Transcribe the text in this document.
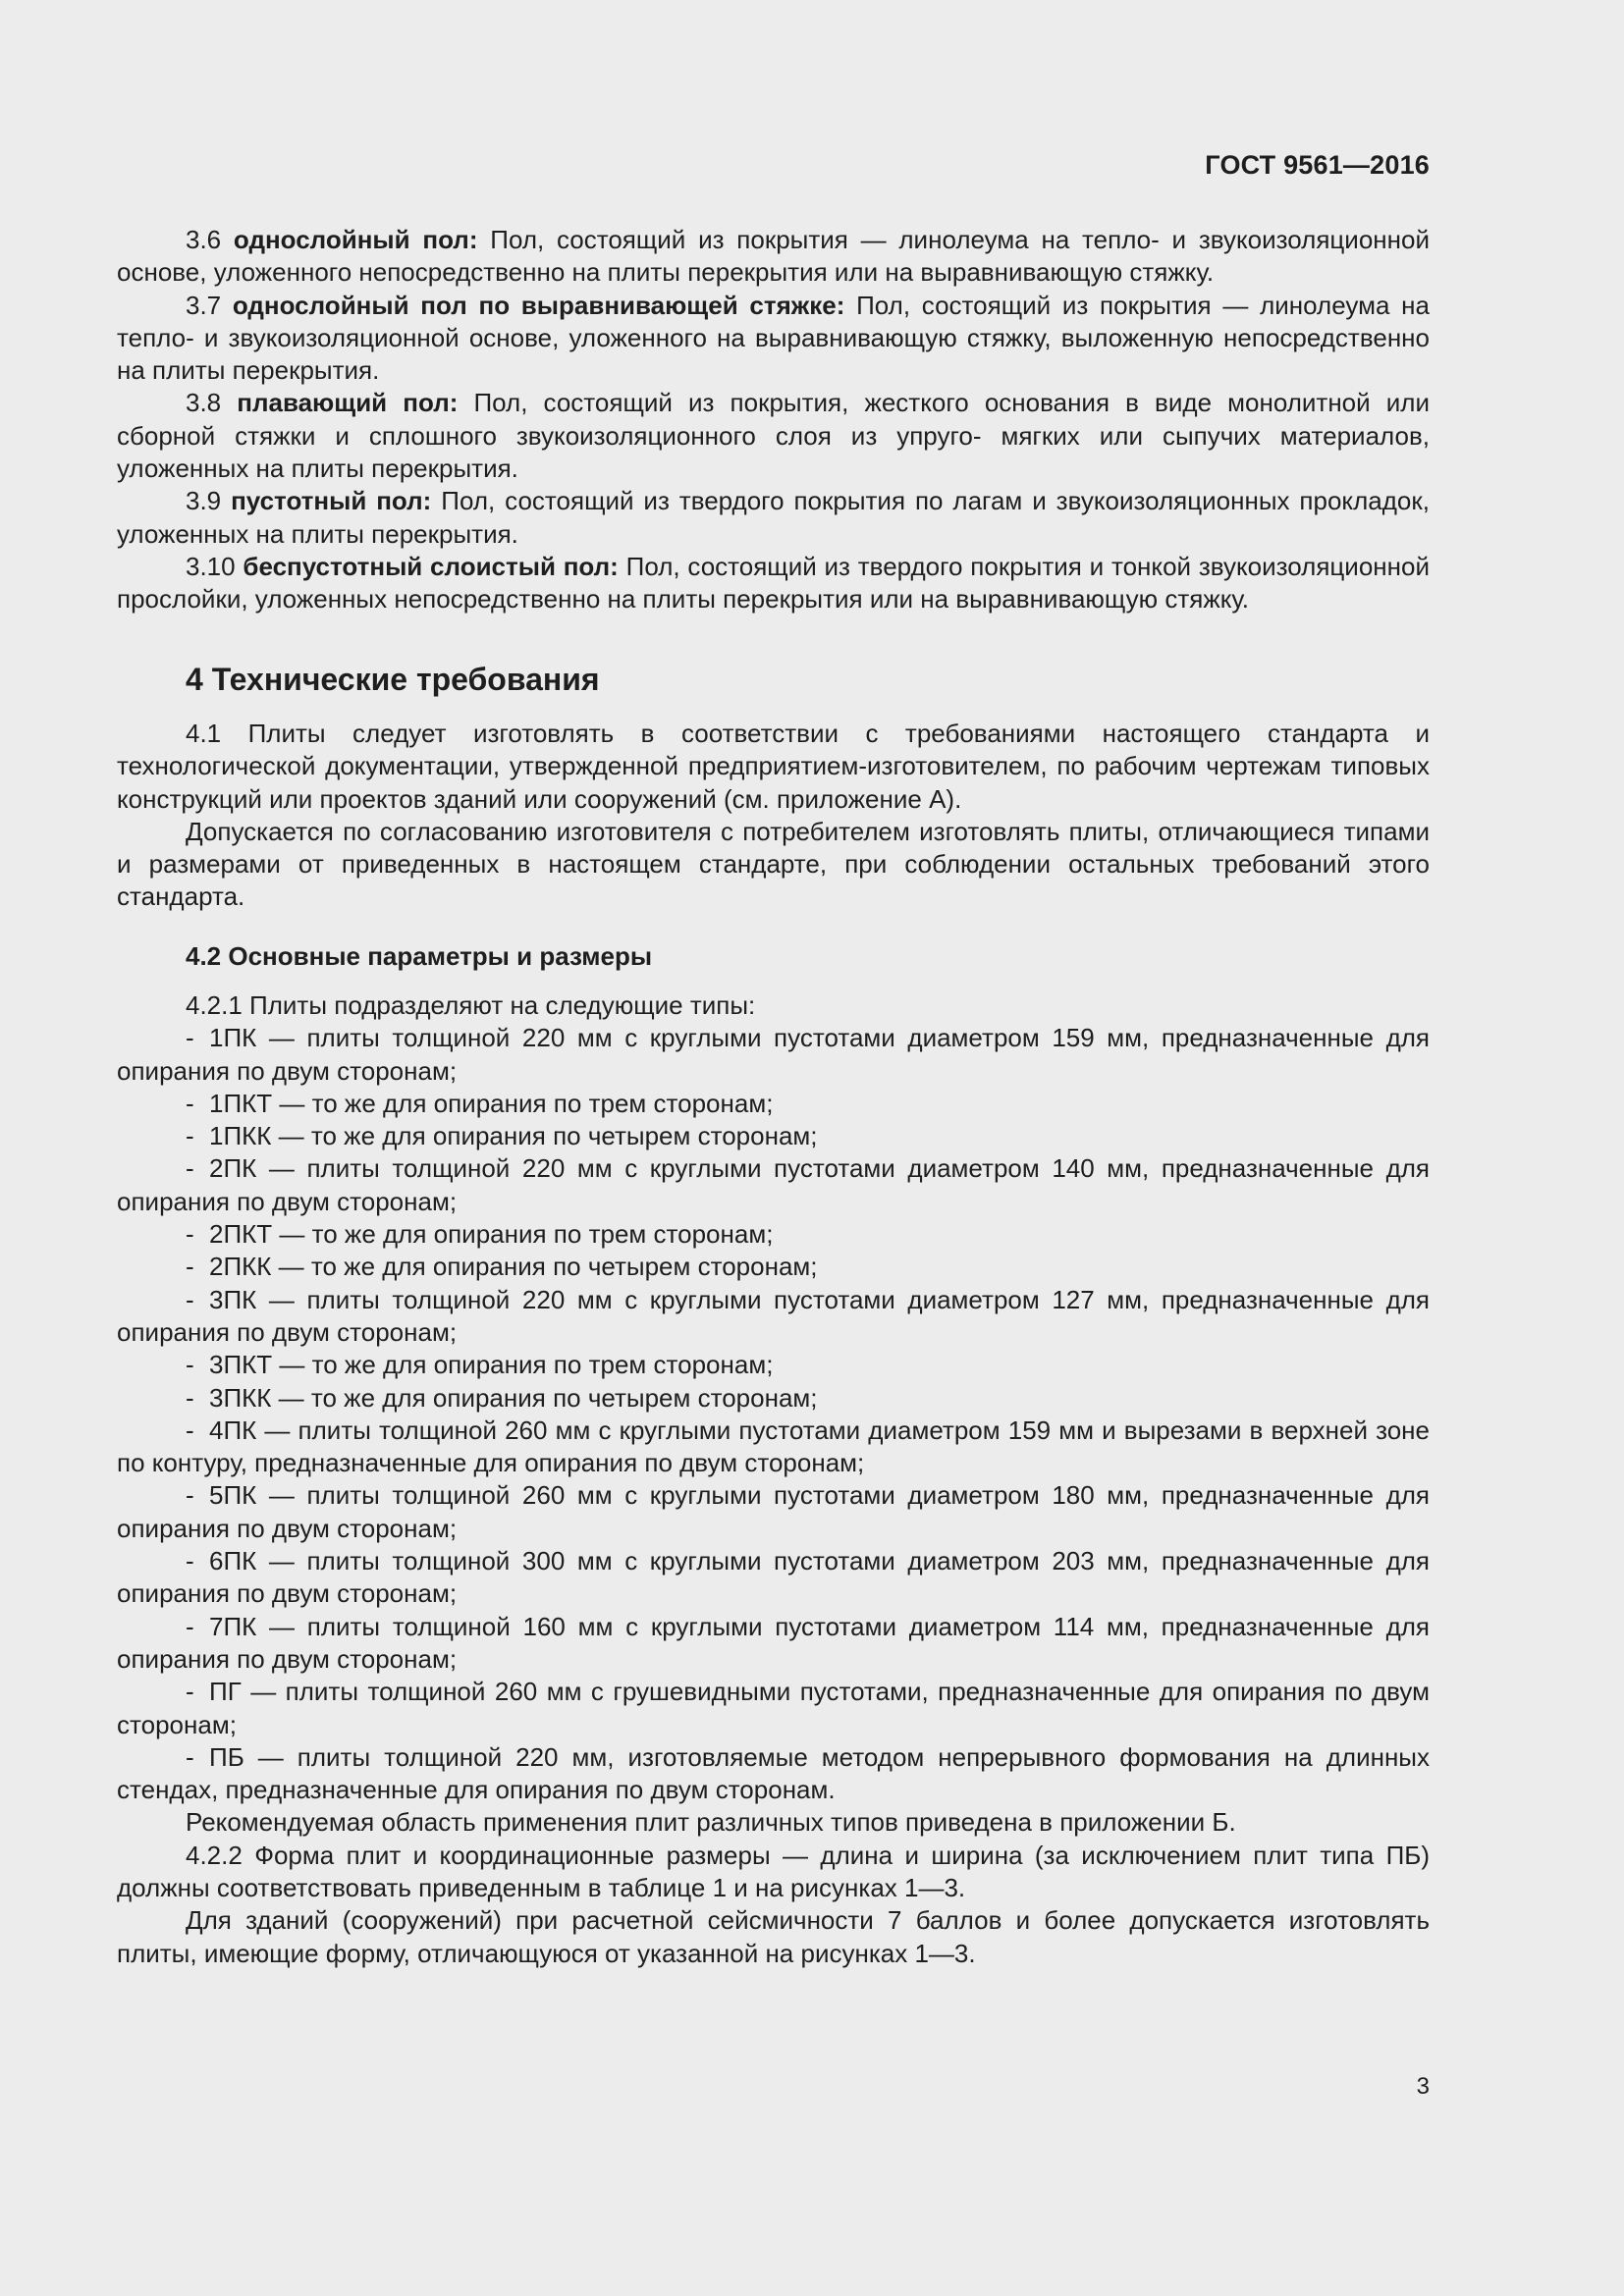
ГОСТ 9561—2016

3.6 однослойный пол: Пол, состоящий из покрытия — линолеума на тепло- и звукоизоляционной основе, уложенного непосредственно на плиты перекрытия или на выравнивающую стяжку.

3.7 однослойный пол по выравнивающей стяжке: Пол, состоящий из покрытия — линолеума на тепло- и звукоизоляционной основе, уложенного на выравнивающую стяжку, выложенную непосредственно на плиты перекрытия.

3.8 плавающий пол: Пол, состоящий из покрытия, жесткого основания в виде монолитной или сборной стяжки и сплошного звукоизоляционного слоя из упруго- мягких или сыпучих материалов, уложенных на плиты перекрытия.

3.9 пустотный пол: Пол, состоящий из твердого покрытия по лагам и звукоизоляционных прокладок, уложенных на плиты перекрытия.

3.10 беспустотный слоистый пол: Пол, состоящий из твердого покрытия и тонкой звукоизоляционной прослойки, уложенных непосредственно на плиты перекрытия или на выравнивающую стяжку.

4 Технические требования

4.1 Плиты следует изготовлять в соответствии с требованиями настоящего стандарта и технологической документации, утвержденной предприятием-изготовителем, по рабочим чертежам типовых конструкций или проектов зданий или сооружений (см. приложение А).

Допускается по согласованию изготовителя с потребителем изготовлять плиты, отличающиеся типами и размерами от приведенных в настоящем стандарте, при соблюдении остальных требований этого стандарта.

4.2 Основные параметры и размеры

4.2.1 Плиты подразделяют на следующие типы:

- 1ПК — плиты толщиной 220 мм с круглыми пустотами диаметром 159 мм, предназначенные для опирания по двум сторонам;

- 1ПКТ — то же для опирания по трем сторонам;

- 1ПКК — то же для опирания по четырем сторонам;

- 2ПК — плиты толщиной 220 мм с круглыми пустотами диаметром 140 мм, предназначенные для опирания по двум сторонам;

- 2ПКТ — то же для опирания по трем сторонам;

- 2ПКК — то же для опирания по четырем сторонам;

- 3ПК — плиты толщиной 220 мм с круглыми пустотами диаметром 127 мм, предназначенные для опирания по двум сторонам;

- 3ПКТ — то же для опирания по трем сторонам;

- 3ПКК — то же для опирания по четырем сторонам;

- 4ПК — плиты толщиной 260 мм с круглыми пустотами диаметром 159 мм и вырезами в верхней зоне по контуру, предназначенные для опирания по двум сторонам;

- 5ПК — плиты толщиной 260 мм с круглыми пустотами диаметром 180 мм, предназначенные для опирания по двум сторонам;

- 6ПК — плиты толщиной 300 мм с круглыми пустотами диаметром 203 мм, предназначенные для опирания по двум сторонам;

- 7ПК — плиты толщиной 160 мм с круглыми пустотами диаметром 114 мм, предназначенные для опирания по двум сторонам;

- ПГ — плиты толщиной 260 мм с грушевидными пустотами, предназначенные для опирания по двум сторонам;

- ПБ — плиты толщиной 220 мм, изготовляемые методом непрерывного формования на длинных стендах, предназначенные для опирания по двум сторонам.

Рекомендуемая область применения плит различных типов приведена в приложении Б.

4.2.2 Форма плит и координационные размеры — длина и ширина (за исключением плит типа ПБ) должны соответствовать приведенным в таблице 1 и на рисунках 1—3.

Для зданий (сооружений) при расчетной сейсмичности 7 баллов и более допускается изготовлять плиты, имеющие форму, отличающуюся от указанной на рисунках 1—3.

3
